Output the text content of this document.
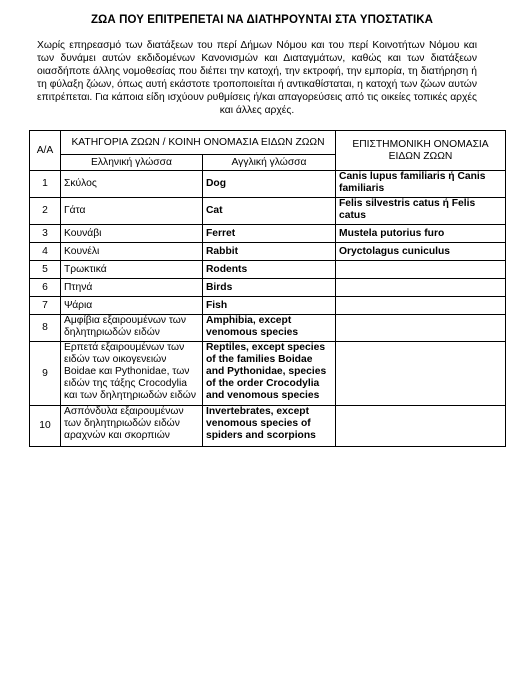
ΖΩΑ ΠΟΥ ΕΠΙΤΡΕΠΕΤΑΙ ΝΑ ΔΙΑΤΗΡΟΥΝΤΑΙ ΣΤΑ ΥΠΟΣΤΑΤΙΚΑ

Χωρίς επηρεασμό των διατάξεων του περί Δήμων Νόμου και του περί Κοινοτήτων Νόμου και των δυνάμει αυτών εκδιδομένων Κανονισμών και Διαταγμάτων, καθώς και των διατάξεων οιασδήποτε άλλης νομοθεσίας που διέπει την κατοχή, την εκτροφή, την εμπορία, τη διατήρηση ή τη φύλαξη ζώων, όπως αυτή εκάστοτε τροποποιείται ή αντικαθίσταται, η κατοχή των ζώων αυτών επιτρέπεται. Για κάποια είδη ισχύουν ρυθμίσεις ή/και απαγορεύσεις από τις οικείες τοπικές αρχές και άλλες αρχές.

Α/Α	ΚΑΤΗΓΟΡΙΑ ΖΩΩΝ / ΚΟΙΝΗ ΟΝΟΜΑΣΙΑ ΕΙΔΩΝ ΖΩΩΝ		ΕΠΙΣΤΗΜΟΝΙΚΗ ΟΝΟΜΑΣΙΑ ΕΙΔΩΝ ΖΩΩΝ
	Ελληνική γλώσσα	Αγγλική γλώσσα	
1	Σκύλος	Dog	Canis lupus familiaris ή Canis familiaris
2	Γάτα	Cat	Felis silvestris catus ή Felis catus
3	Κουνάβι	Ferret	Mustela putorius furo
4	Κουνέλι	Rabbit	Oryctolagus cuniculus
5	Τρωκτικά	Rodents	
6	Πτηνά	Birds	
7	Ψάρια	Fish	
8	Αμφίβια εξαιρουμένων των δηλητηριωδών ειδών	Amphibia, except venomous species	
9	Ερπετά εξαιρουμένων των ειδών των οικογενειών Boidae και Pythonidae, των ειδών της τάξης Crocodylia και των δηλητηριωδών ειδών	Reptiles, except species of the families Boidae and Pythonidae, species of the order Crocodylia and venomous species	
10	Ασπόνδυλα εξαιρουμένων των δηλητηριωδών ειδών αραχνών και σκορπιών	Invertebrates, except venomous species of spiders and scorpions	
